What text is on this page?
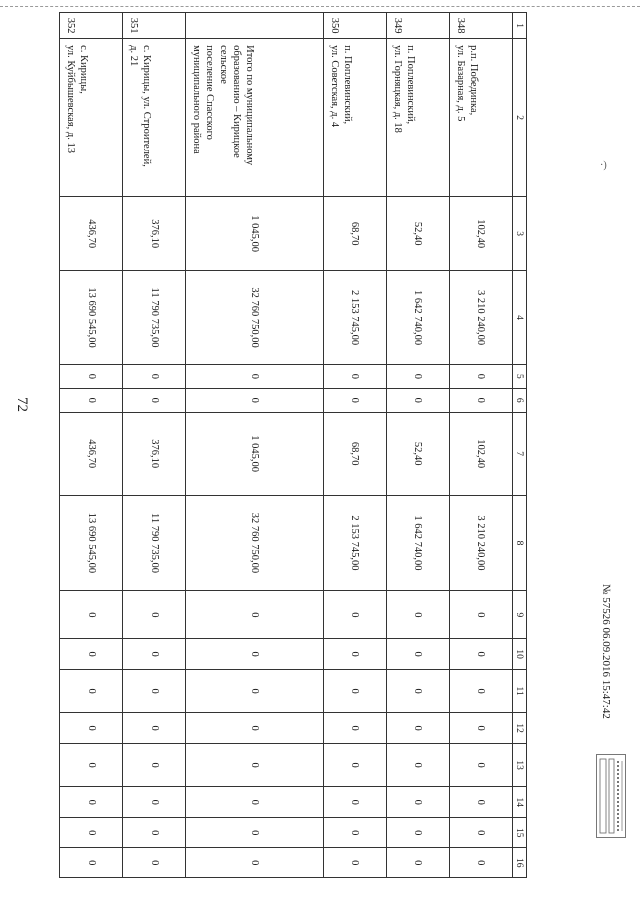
72
·)
1	2	3	4	5	6	7	8	9	10	11	12	13	14	15	16
348	р.п. Побединка,
ул. Базарная, д. 5	102,40	3 210 240,00	0	0	102,40	3 210 240,00	0	0	0	0	0	0	0	0
349	п. Поплевинский,
ул. Горняцкая, д. 18	52,40	1 642 740,00	0	0	52,40	1 642 740,00	0	0	0	0	0	0	0	0
350	п. Поплевинский,
ул. Советская, д. 4	68,70	2 153 745,00	0	0	68,70	2 153 745,00	0	0	0	0	0	0	0	0

	Итого по муниципальному
образованию – Кирицкое сельское
поселение Спасского
муниципального района	1 045,00	32 760 750,00	0	0	1 045,00	32 760 750,00	0	0	0	0	0	0	0	0
351	с. Кирицы, ул. Строителей,
д. 21	376,10	11 790 735,00	0	0	376,10	11 790 735,00	0	0	0	0	0	0	0	0
352	с. Кирицы,
ул. Куйбышевская, д. 13	436,70	13 690 545,00	0	0	436,70	13 690 545,00	0	0	0	0	0	0	0	0
№ 57526 06.09.2016 15:47:42
